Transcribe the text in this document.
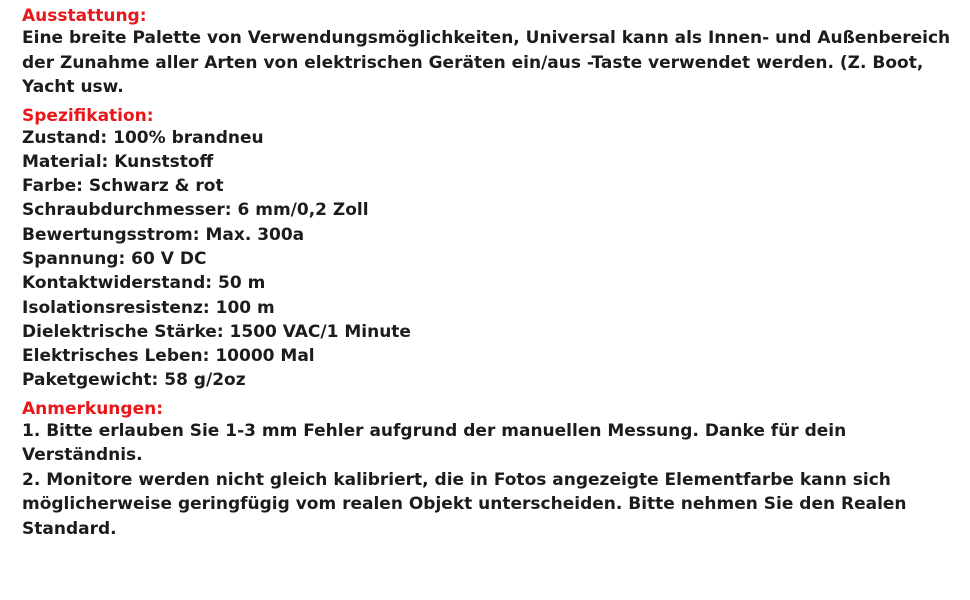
Ausstattung:
Eine breite Palette von Verwendungsmöglichkeiten, Universal kann als Innen- und Außenbereich der Zunahme aller Arten von elektrischen Geräten ein/aus -Taste verwendet werden. (Z. Boot, Yacht usw.
Spezifikation:
Zustand: 100% brandneu
Material: Kunststoff
Farbe: Schwarz & rot
Schraubdurchmesser: 6 mm/0,2 Zoll
Bewertungsstrom: Max. 300a
Spannung: 60 V DC
Kontaktwiderstand: 50 m
Isolationsresistenz: 100 m
Dielektrische Stärke: 1500 VAC/1 Minute
Elektrisches Leben: 10000 Mal
Paketgewicht: 58 g/2oz
Anmerkungen:
1. Bitte erlauben Sie 1-3 mm Fehler aufgrund der manuellen Messung. Danke für dein Verständnis.
2. Monitore werden nicht gleich kalibriert, die in Fotos angezeigte Elementfarbe kann sich möglicherweise geringfügig vom realen Objekt unterscheiden. Bitte nehmen Sie den Realen Standard.
